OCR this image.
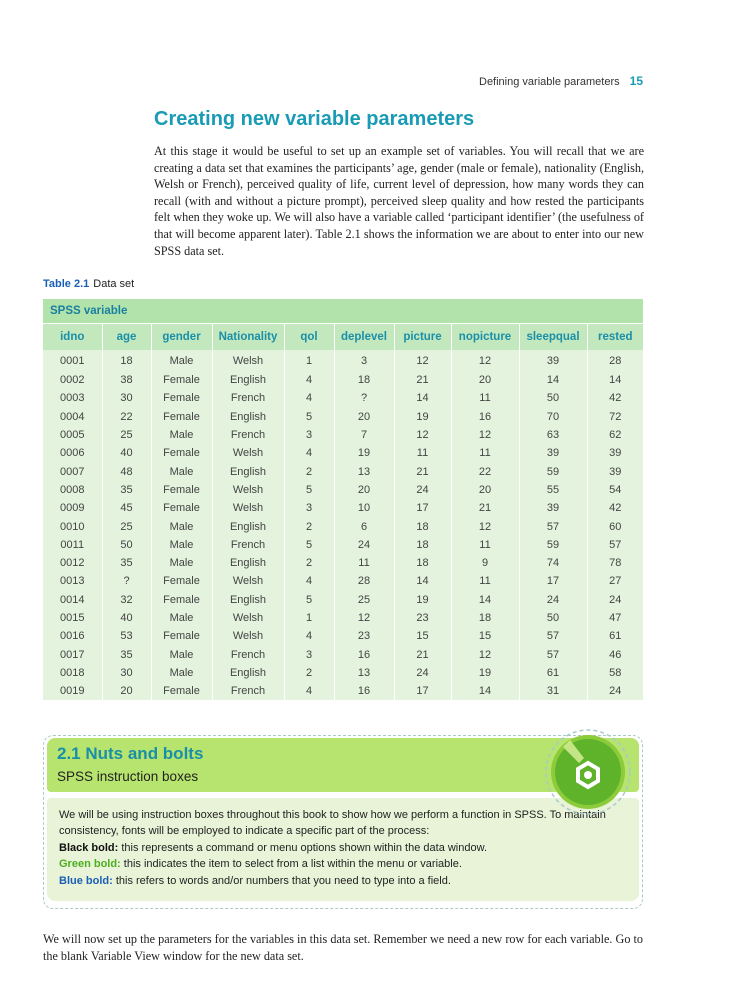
Defining variable parameters 15
Creating new variable parameters

At this stage it would be useful to set up an example set of variables. You will recall that we are creating a data set that examines the participants’ age, gender (male or female), nationality (English, Welsh or French), perceived quality of life, current level of depression, how many words they can recall (with and without a picture prompt), perceived sleep quality and how rested the participants felt when they woke up. We will also have a variable called ‘participant identifier’ (the usefulness of that will become apparent later). Table 2.1 shows the information we are about to enter into our new SPSS data set.

Table 2.1 Data set
SPSS variable									
idno	age	gender	Nationality	qol	deplevel	picture	nopicture	sleepqual	rested
0001	18	Male	Welsh	1	3	12	12	39	28
0002	38	Female	English	4	18	21	20	14	14
0003	30	Female	French	4	?	14	11	50	42
0004	22	Female	English	5	20	19	16	70	72
0005	25	Male	French	3	7	12	12	63	62
0006	40	Female	Welsh	4	19	11	11	39	39
0007	48	Male	English	2	13	21	22	59	39
0008	35	Female	Welsh	5	20	24	20	55	54
0009	45	Female	Welsh	3	10	17	21	39	42
0010	25	Male	English	2	6	18	12	57	60
0011	50	Male	French	5	24	18	11	59	57
0012	35	Male	English	2	11	18	9	74	78
0013	?	Female	Welsh	4	28	14	11	17	27
0014	32	Female	English	5	25	19	14	24	24
0015	40	Male	Welsh	1	12	23	18	50	47
0016	53	Female	Welsh	4	23	15	15	57	61
0017	35	Male	French	3	16	21	12	57	46
0018	30	Male	English	2	13	24	19	61	58
0019	20	Female	French	4	16	17	14	31	24
2.1 Nuts and bolts
SPSS instruction boxes

We will be using instruction boxes throughout this book to show how we perform a function in SPSS. To maintain consistency, fonts will be employed to indicate a specific part of the process:

Black bold: this represents a command or menu options shown within the data window.

Green bold: this indicates the item to select from a list within the menu or variable.

Blue bold: this refers to words and/or numbers that you need to type into a field.

We will now set up the parameters for the variables in this data set. Remember we need a new row for each variable. Go to the blank Variable View window for the new data set.
